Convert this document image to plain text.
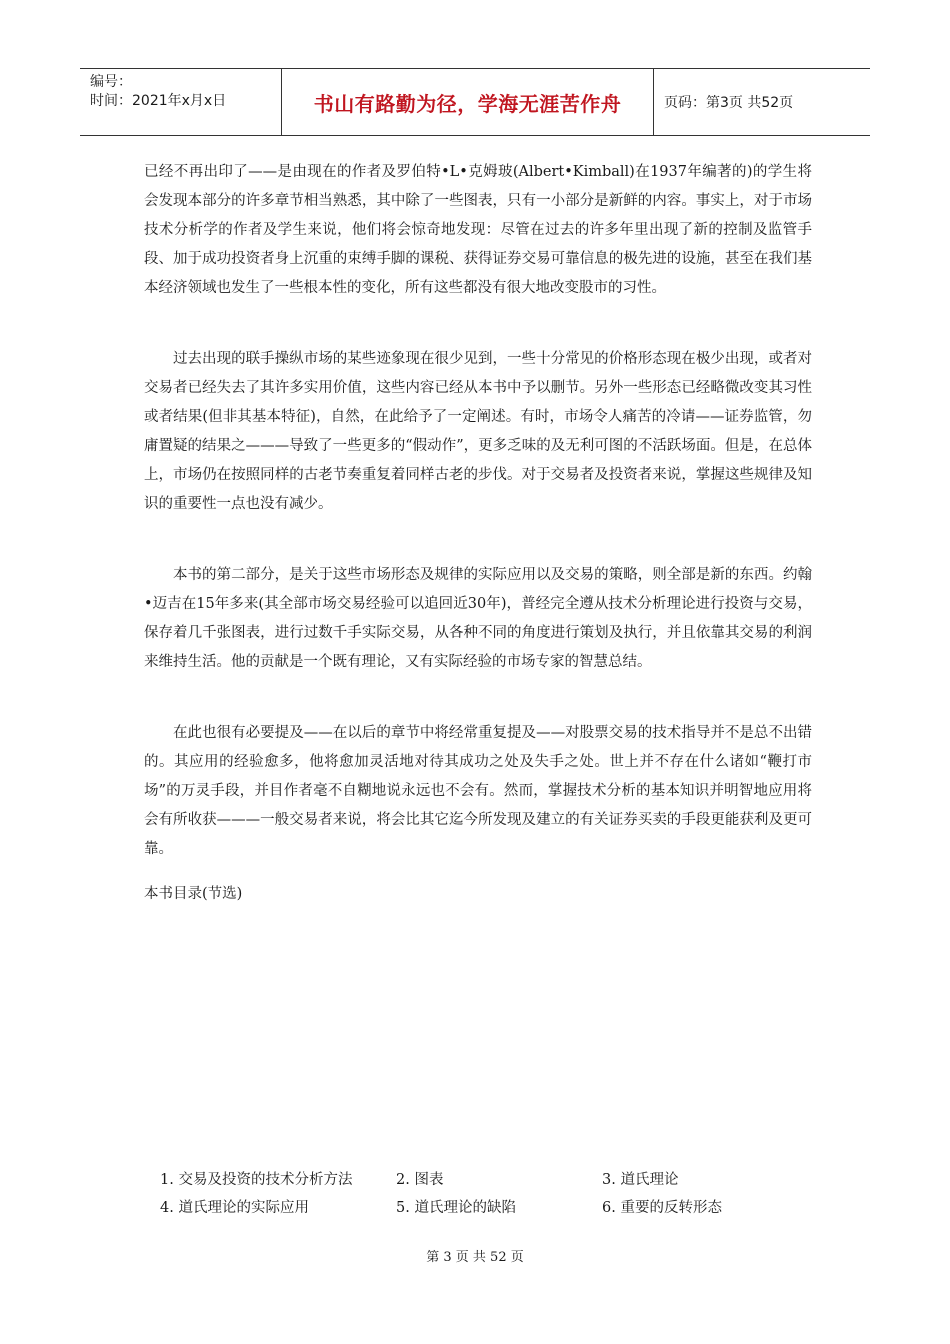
编号：
时间：2021年x月x日	书山有路勤为径，学海无涯苦作舟	页码：第3页 共52页

已经不再出印了——是由现在的作者及罗伯特•L•克姆玻(Albert•Kimball)在1937年编著的)的学生将会发现本部分的许多章节相当熟悉，其中除了一些图表，只有一小部分是新鲜的内容。事实上，对于市场技术分析学的作者及学生来说，他们将会惊奇地发现：尽管在过去的许多年里出现了新的控制及监管手段、加于成功投资者身上沉重的束缚手脚的课税、获得证券交易可靠信息的极先进的设施，甚至在我们基本经济领域也发生了一些根本性的变化，所有这些都没有很大地改变股市的习性。

过去出现的联手操纵市场的某些迹象现在很少见到，一些十分常见的价格形态现在极少出现，或者对交易者已经失去了其许多实用价值，这些内容已经从本书中予以删节。另外一些形态已经略微改变其习性或者结果(但非其基本特征)，自然，在此给予了一定阐述。有时，市场令人痛苦的冷请——证券监管，勿庸置疑的结果之———导致了一些更多的“假动作”，更多乏味的及无利可图的不活跃场面。但是，在总体上，市场仍在按照同样的古老节奏重复着同样古老的步伐。对于交易者及投资者来说，掌握这些规律及知识的重要性一点也没有减少。

本书的第二部分，是关于这些市场形态及规律的实际应用以及交易的策略，则全部是新的东西。约翰•迈吉在15年多来(其全部市场交易经验可以追回近30年)，普经完全遵从技术分析理论进行投资与交易，保存着几千张图表，进行过数千手实际交易，从各种不同的角度进行策划及执行，并且依靠其交易的利润来维持生活。他的贡献是一个既有理论，又有实际经验的市场专家的智慧总结。

在此也很有必要提及——在以后的章节中将经常重复提及——对股票交易的技术指导并不是总不出错的。其应用的经验愈多，他将愈加灵活地对待其成功之处及失手之处。世上并不存在什么诸如“鞭打市场”的万灵手段，并目作者毫不自糊地说永远也不会有。然而，掌握技术分析的基本知识并明智地应用将会有所收获———一般交易者来说，将会比其它迄今所发现及建立的有关证券买卖的手段更能获利及更可靠。

本书目录(节选)

1. 交易及投资的技术分析方法	2. 图表	3. 道氏理论
4. 道氏理论的实际应用	5. 道氏理论的缺陷	6. 重要的反转形态
第 3 页 共 52 页
